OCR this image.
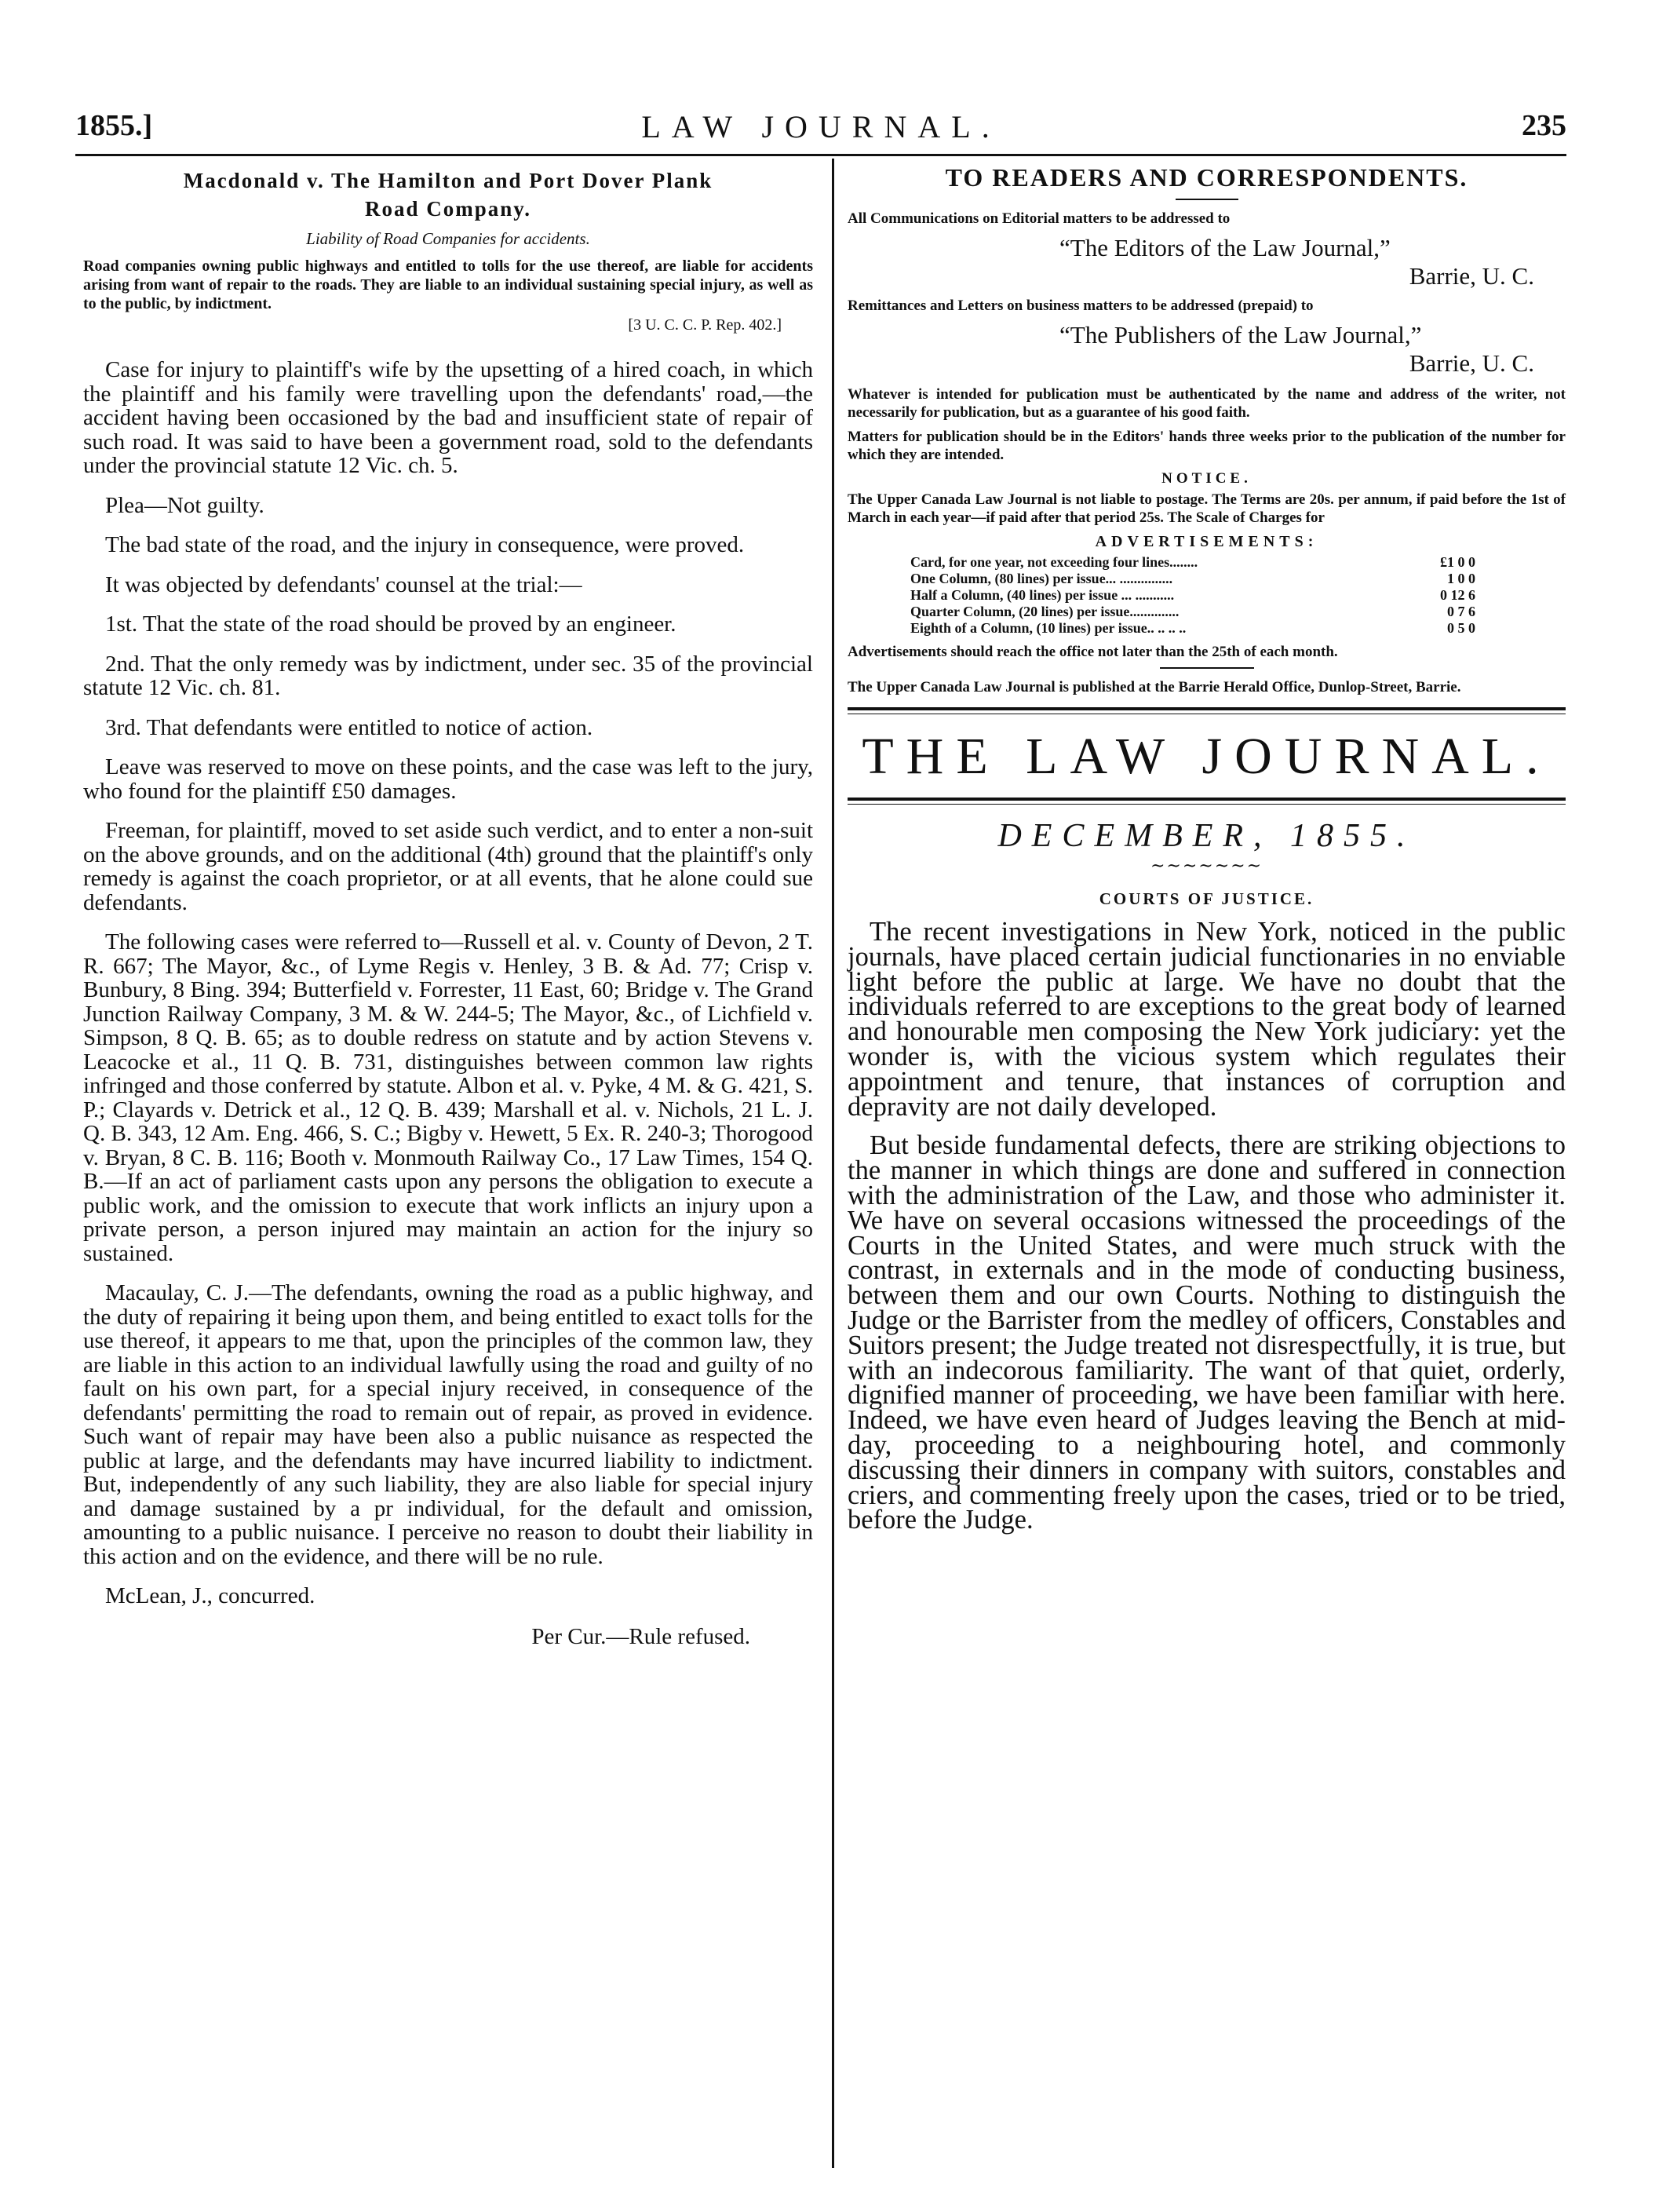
1855.]	LAW JOURNAL.	235
Macdonald v. The Hamilton and Port Dover Plank
Road Company.
Liability of Road Companies for accidents.
Road companies owning public highways and entitled to tolls for the use thereof, are liable for accidents arising from want of repair to the roads. They are liable to an individual sustaining special injury, as well as to the public, by indictment.
[3 U. C. C. P. Rep. 402.]

Case for injury to plaintiff's wife by the upsetting of a hired coach, in which the plaintiff and his family were travelling upon the defendants' road,—the accident having been occasioned by the bad and insufficient state of repair of such road. It was said to have been a government road, sold to the defendants under the provincial statute 12 Vic. ch. 5.

Plea—Not guilty.

The bad state of the road, and the injury in consequence, were proved.

It was objected by defendants' counsel at the trial:—

1st. That the state of the road should be proved by an engineer.

2nd. That the only remedy was by indictment, under sec. 35 of the provincial statute 12 Vic. ch. 81.

3rd. That defendants were entitled to notice of action.

Leave was reserved to move on these points, and the case was left to the jury, who found for the plaintiff £50 damages.

Freeman, for plaintiff, moved to set aside such verdict, and to enter a non-suit on the above grounds, and on the additional (4th) ground that the plaintiff's only remedy is against the coach proprietor, or at all events, that he alone could sue defendants.

The following cases were referred to—Russell et al. v. County of Devon, 2 T. R. 667; The Mayor, &c., of Lyme Regis v. Henley, 3 B. & Ad. 77; Crisp v. Bunbury, 8 Bing. 394; Butterfield v. Forrester, 11 East, 60; Bridge v. The Grand Junction Railway Company, 3 M. & W. 244-5; The Mayor, &c., of Lichfield v. Simpson, 8 Q. B. 65; as to double redress on statute and by action Stevens v. Leacocke et al., 11 Q. B. 731, distinguishes between common law rights infringed and those conferred by statute. Albon et al. v. Pyke, 4 M. & G. 421, S. P.; Clayards v. Detrick et al., 12 Q. B. 439; Marshall et al. v. Nichols, 21 L. J. Q. B. 343, 12 Am. Eng. 466, S. C.; Bigby v. Hewett, 5 Ex. R. 240-3; Thorogood v. Bryan, 8 C. B. 116; Booth v. Monmouth Railway Co., 17 Law Times, 154 Q. B.—If an act of parliament casts upon any persons the obligation to execute a public work, and the omission to execute that work inflicts an injury upon a private person, a person injured may maintain an action for the injury so sustained.

Macaulay, C. J.—The defendants, owning the road as a public highway, and the duty of repairing it being upon them, and being entitled to exact tolls for the use thereof, it appears to me that, upon the principles of the common law, they are liable in this action to an individual lawfully using the road and guilty of no fault on his own part, for a special injury received, in consequence of the defendants' permitting the road to remain out of repair, as proved in evidence. Such want of repair may have been also a public nuisance as respected the public at large, and the defendants may have incurred liability to indictment. But, independently of any such liability, they are also liable for special injury and damage sustained by a pr individual, for the default and omission, amounting to a public nuisance. I perceive no reason to doubt their liability in this action and on the evidence, and there will be no rule.

McLean, J., concurred.

Per Cur.—Rule refused.
TO READERS AND CORRESPONDENTS.

All Communications on Editorial matters to be addressed to

“The Editors of the Law Journal,”
Barrie, U. C.

Remittances and Letters on business matters to be addressed (prepaid) to

“The Publishers of the Law Journal,”
Barrie, U. C.

Whatever is intended for publication must be authenticated by the name and address of the writer, not necessarily for publication, but as a guarantee of his good faith.

Matters for publication should be in the Editors' hands three weeks prior to the publication of the number for which they are intended.

NOTICE.

The Upper Canada Law Journal is not liable to postage. The Terms are 20s. per annum, if paid before the 1st of March in each year—if paid after that period 25s. The Scale of Charges for

ADVERTISEMENTS:
Card, for one year, not exceeding four lines........	£1 0 0
One Column, (80 lines) per issue... ...............	1 0 0
Half a Column, (40 lines) per issue ... ...........	0 12 6
Quarter Column, (20 lines) per issue..............	0 7 6
Eighth of a Column, (10 lines) per issue.. .. .. ..	0 5 0

Advertisements should reach the office not later than the 25th of each month.

The Upper Canada Law Journal is published at the Barrie Herald Office, Dunlop-Street, Barrie.

THE LAW JOURNAL.
DECEMBER, 1855.
~~~~~~~
COURTS OF JUSTICE.

The recent investigations in New York, noticed in the public journals, have placed certain judicial functionaries in no enviable light before the public at large. We have no doubt that the individuals referred to are exceptions to the great body of learned and honourable men composing the New York judiciary: yet the wonder is, with the vicious system which regulates their appointment and tenure, that instances of corruption and depravity are not daily developed.

But beside fundamental defects, there are striking objections to the manner in which things are done and suffered in connection with the administration of the Law, and those who administer it. We have on several occasions witnessed the proceedings of the Courts in the United States, and were much struck with the contrast, in externals and in the mode of conducting business, between them and our own Courts. Nothing to distinguish the Judge or the Barrister from the medley of officers, Constables and Suitors present; the Judge treated not disrespectfully, it is true, but with an indecorous familiarity. The want of that quiet, orderly, dignified manner of proceeding, we have been familiar with here. Indeed, we have even heard of Judges leaving the Bench at mid-day, proceeding to a neighbouring hotel, and commonly discussing their dinners in company with suitors, constables and criers, and commenting freely upon the cases, tried or to be tried, before the Judge.
